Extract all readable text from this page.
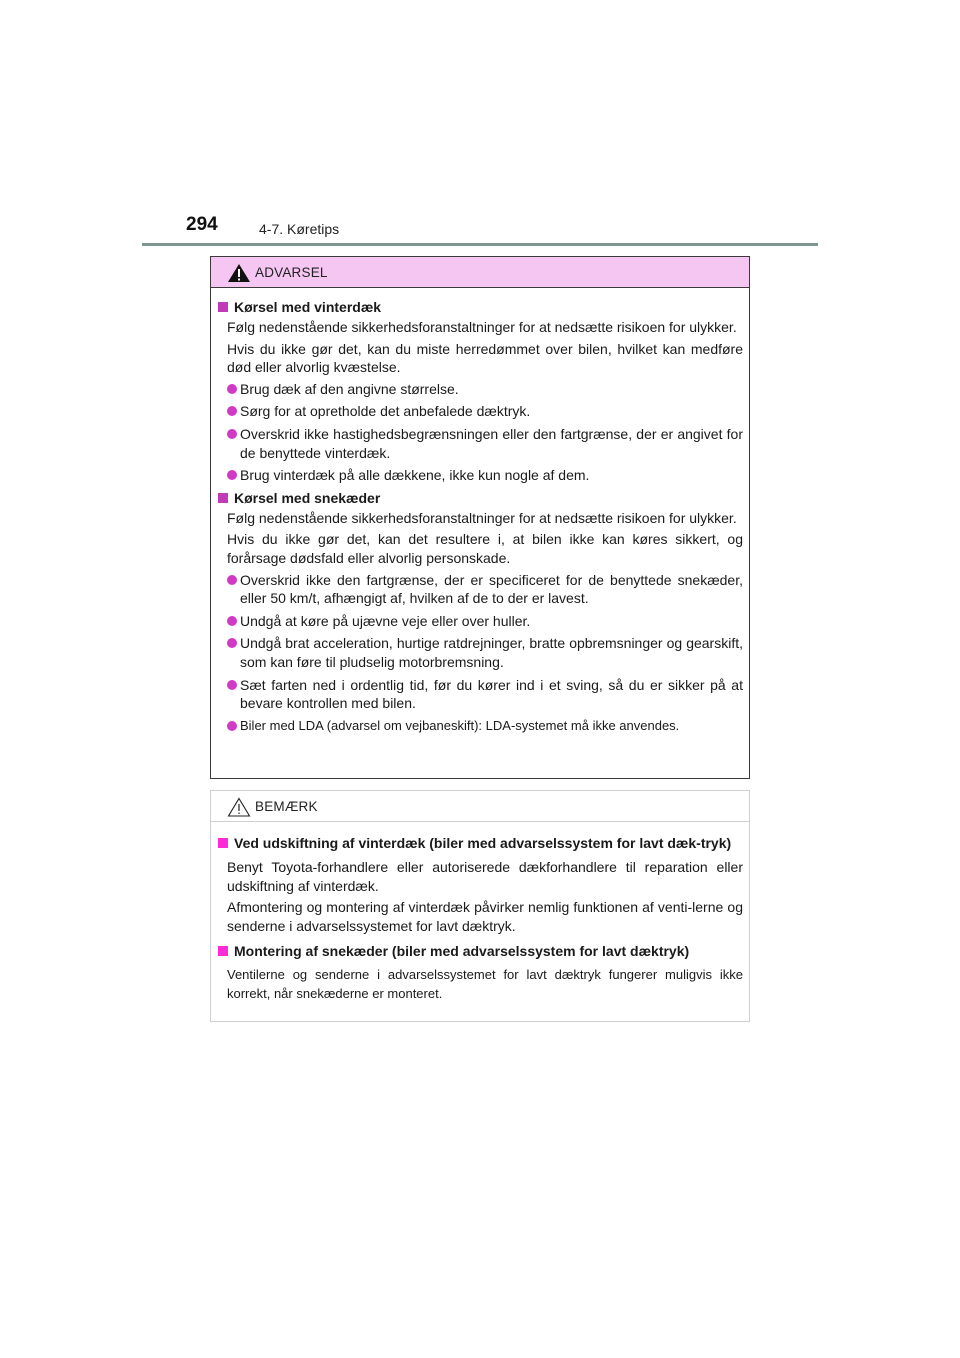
294	4-7. Køretips
ADVARSEL
Kørsel med vinterdæk
Følg nedenstående sikkerhedsforanstaltninger for at nedsætte risikoen for ulykker.
Hvis du ikke gør det, kan du miste herredømmet over bilen, hvilket kan medføre død eller alvorlig kvæstelse.
Brug dæk af den angivne størrelse.
Sørg for at opretholde det anbefalede dæktryk.
Overskrid ikke hastighedsbegrænsningen eller den fartgrænse, der er angivet for de benyttede vinterdæk.
Brug vinterdæk på alle dækkene, ikke kun nogle af dem.
Kørsel med snekæder
Følg nedenstående sikkerhedsforanstaltninger for at nedsætte risikoen for ulykker.
Hvis du ikke gør det, kan det resultere i, at bilen ikke kan køres sikkert, og forårsage dødsfald eller alvorlig personskade.
Overskrid ikke den fartgrænse, der er specificeret for de benyttede snekæder, eller 50 km/t, afhængigt af, hvilken af de to der er lavest.
Undgå at køre på ujævne veje eller over huller.
Undgå brat acceleration, hurtige ratdrejninger, bratte opbremsninger og gearskift, som kan føre til pludselig motorbremsning.
Sæt farten ned i ordentlig tid, før du kører ind i et sving, så du er sikker på at bevare kontrollen med bilen.
Biler med LDA (advarsel om vejbaneskift): LDA-systemet må ikke anvendes.
BEMÆRK
Ved udskiftning af vinterdæk (biler med advarselssystem for lavt dæk-tryk)
Benyt Toyota-forhandlere eller autoriserede dækforhandlere til reparation eller udskiftning af vinterdæk.
Afmontering og montering af vinterdæk påvirker nemlig funktionen af venti-lerne og senderne i advarselssystemet for lavt dæktryk.
Montering af snekæder (biler med advarselssystem for lavt dæktryk)
Ventilerne og senderne i advarselssystemet for lavt dæktryk fungerer muligvis ikke korrekt, når snekæderne er monteret.
